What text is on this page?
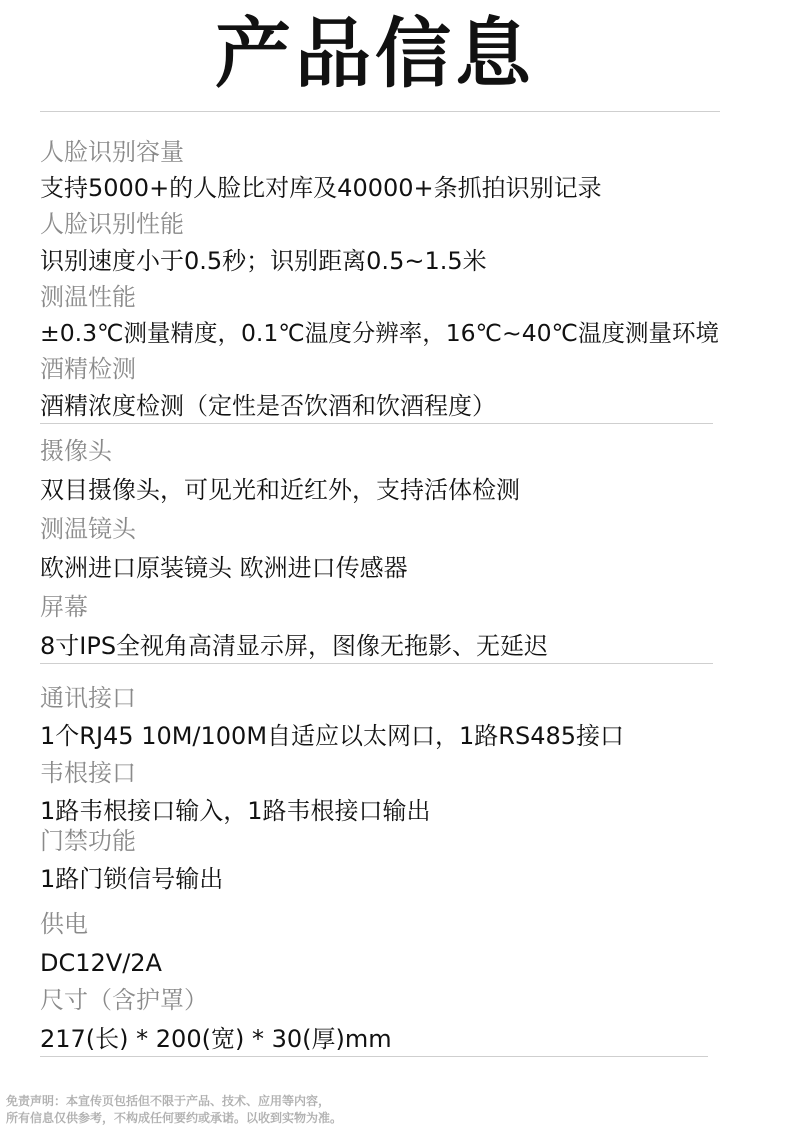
产品信息
人脸识别容量
支持5000+的人脸比对库及40000+条抓拍识别记录
人脸识别性能
识别速度小于0.5秒；识别距离0.5~1.5米
测温性能
±0.3℃测量精度，0.1℃温度分辨率，16℃~40℃温度测量环境
酒精检测
酒精浓度检测（定性是否饮酒和饮酒程度）
摄像头
双目摄像头，可见光和近红外，支持活体检测
测温镜头
欧洲进口原装镜头 欧洲进口传感器
屏幕
8寸IPS全视角高清显示屏，图像无拖影、无延迟
通讯接口
1个RJ45 10M/100M自适应以太网口，1路RS485接口
韦根接口
1路韦根接口输入，1路韦根接口输出
门禁功能
1路门锁信号输出
供电
DC12V/2A
尺寸（含护罩）
217(长) * 200(宽) * 30(厚)mm
免责声明：本宣传页包括但不限于产品、技术、应用等内容，
所有信息仅供参考，不构成任何要约或承诺。以收到实物为准。
